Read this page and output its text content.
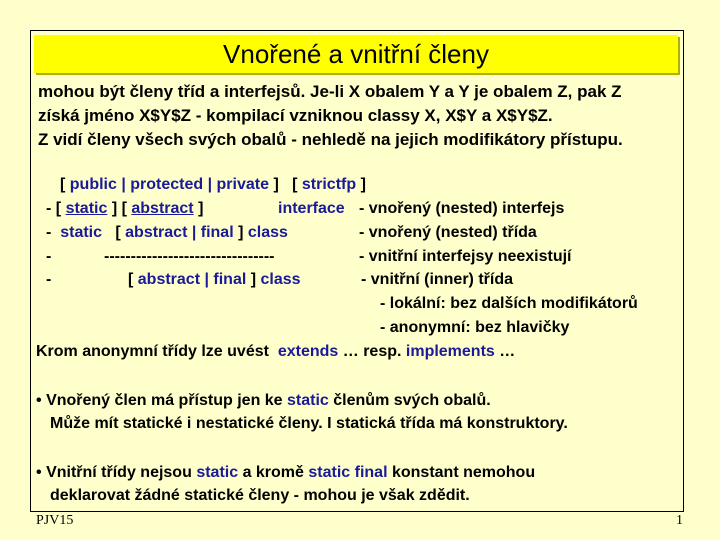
Vnořené a vnitřní členy
mohou být členy tříd a interfejsů. Je-li X obalem Y a Y je obalem Z, pak Z
získá jméno X$Y$Z - kompilací vzniknou classy X, X$Y a X$Y$Z.
Z vidí členy všech svých obalů - nehledě na jejich modifikátory přístupu.
[ public | protected | private ] [ strictfp ]
- [ static ] [ abstract ]	interface - vnořený (nested) interfejs
- static [ abstract | final ] class	- vnořený (nested) třída
-	--------------------------------	- vnitřní interfejsy neexistují
-	[ abstract | final ] class	- vnitřní (inner) třída
- lokální: bez dalších modifikátorů
- anonymní: bez hlavičky
Krom anonymní třídy lze uvést extends … resp. implements …
• Vnořený člen má přístup jen ke static členům svých obalů.
Může mít statické i nestatické členy. I statická třída má konstruktory.
• Vnitřní třídy nejsou static a kromě static final konstant nemohou
deklarovat žádné statické členy - mohou je však zdědit.
PJV15	1
